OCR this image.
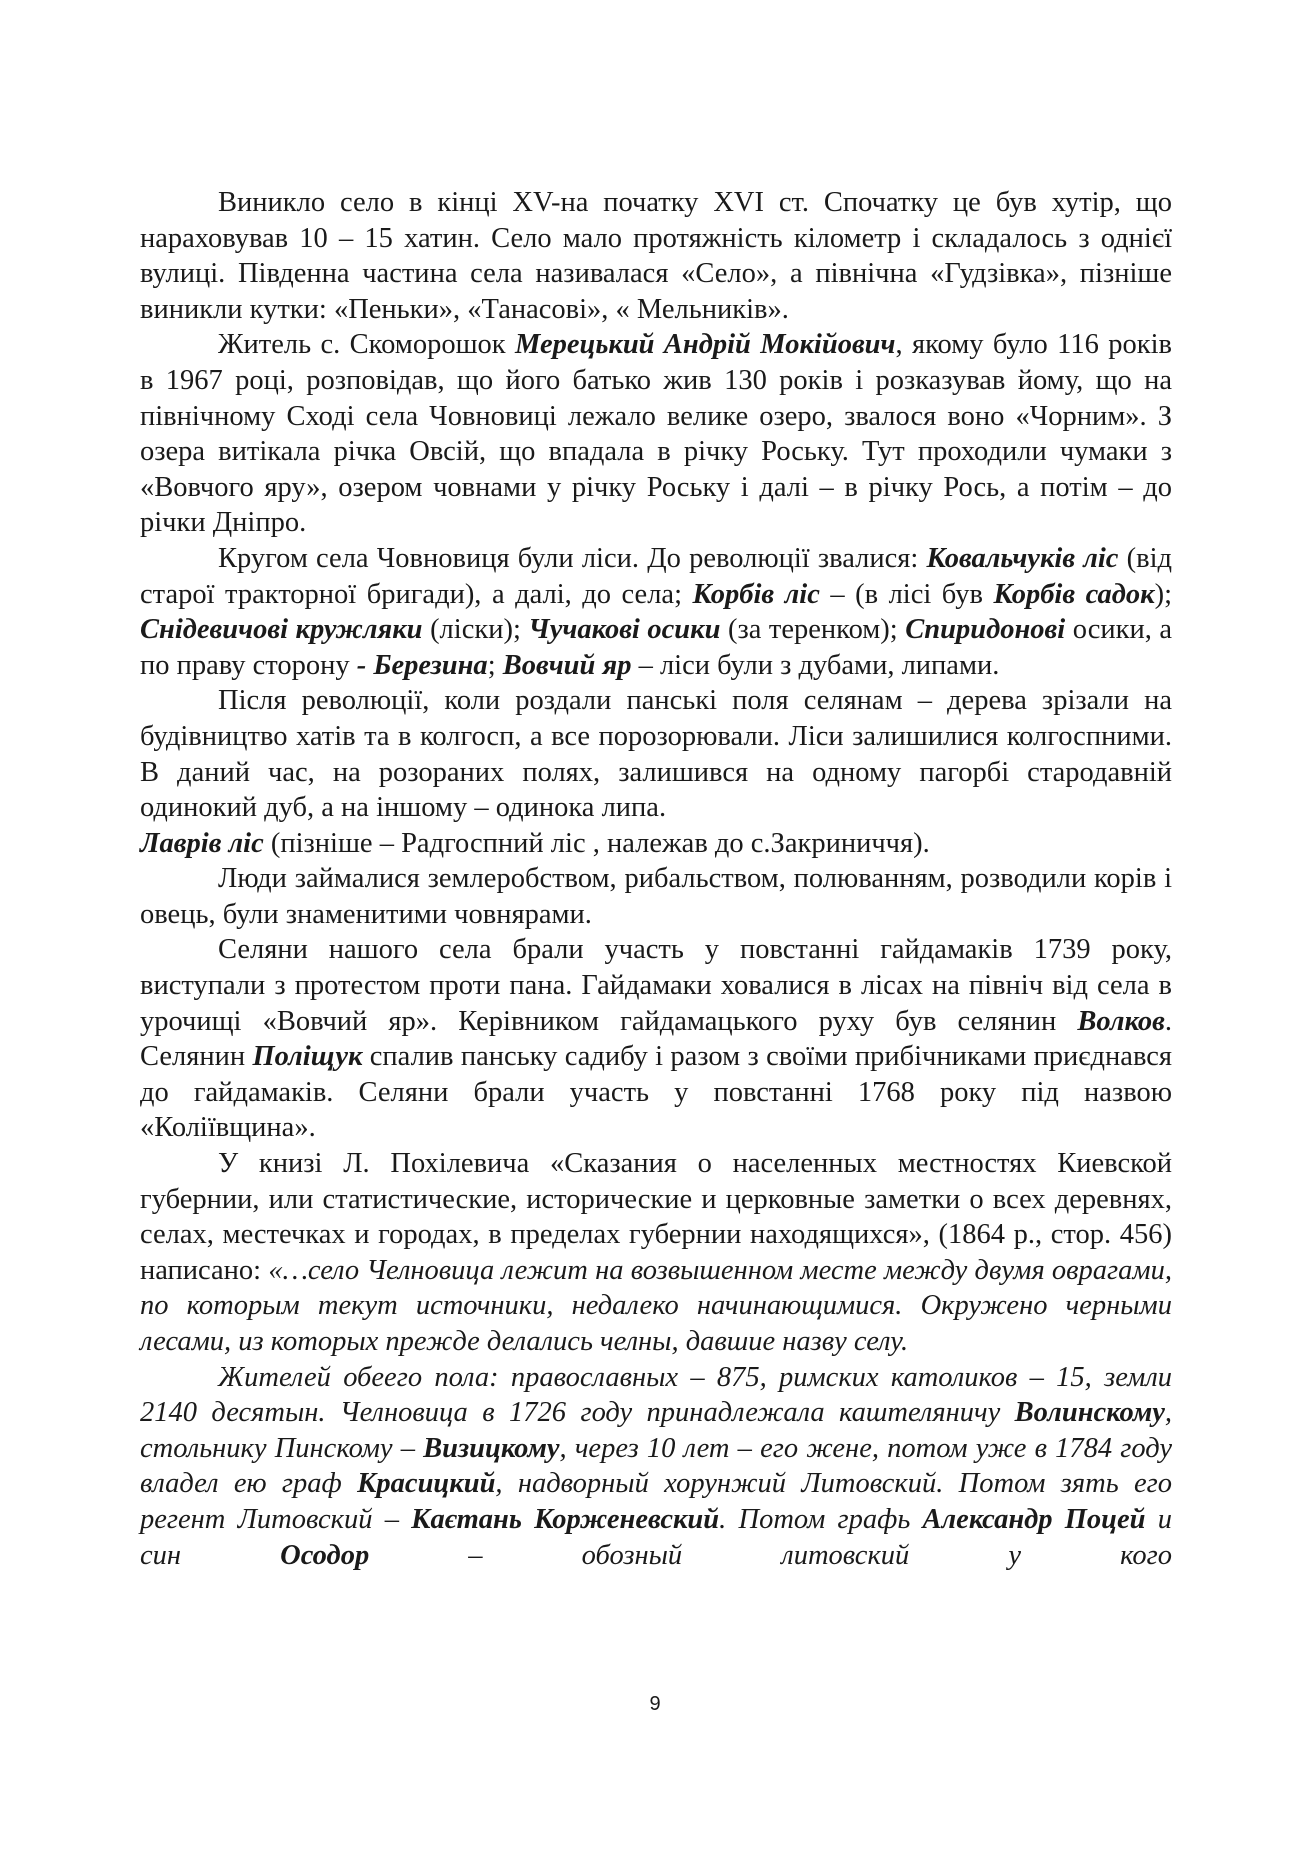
Виникло село в кінці XV-на початку XVI ст. Спочатку це був хутір, що нараховував 10 – 15 хатин. Село мало протяжність кілометр і складалось з однієї вулиці. Південна частина села називалася «Село», а північна «Гудзівка», пізніше виникли кутки: «Пеньки», «Танасові», « Мельників».

Житель с. Скоморошок Мерецький Андрій Мокійович, якому було 116 років в 1967 році, розповідав, що його батько жив 130 років і розказував йому, що на північному Сході села Човновиці лежало велике озеро, звалося воно «Чорним». З озера витікала річка Овсій, що впадала в річку Роську. Тут проходили чумаки з «Вовчого яру», озером човнами у річку Роську і далі – в річку Рось, а потім – до річки Дніпро.

Кругом села Човновиця були ліси. До революції звалися: Ковальчуків ліс (від старої тракторної бригади), а далі, до села; Корбів ліс – (в лісі був Корбів садок); Снідевичові кружляки (ліски); Чучакові осики (за теренком); Спиридонові осики, а по праву сторону - Березина; Вовчий яр – ліси були з дубами, липами.

Після революції, коли роздали панські поля селянам – дерева зрізали на будівництво хатів та в колгосп, а все порозорювали. Ліси залишилися колгоспними. В даний час, на розораних полях, залишився на одному пагорбі стародавній одинокий дуб, а на іншому – одинока липа.

Лаврів ліс (пізніше – Радгоспний ліс , належав до с.Закриниччя).

Люди займалися землеробством, рибальством, полюванням, розводили корів і овець, були знаменитими човнярами.

Селяни нашого села брали участь у повстанні гайдамаків 1739 року, виступали з протестом проти пана. Гайдамаки ховалися в лісах на північ від села в урочищі «Вовчий яр». Керівником гайдамацького руху був селянин Волков. Селянин Поліщук спалив панську садибу і разом з своїми прибічниками приєднався до гайдамаків. Селяни брали участь у повстанні 1768 року під назвою «Коліївщина».

У книзі Л. Похілевича «Сказания о населенных местностях Киевской губернии, или статистические, исторические и церковные заметки о всех деревнях, селах, местечках и городах, в пределах губернии находящихся», (1864 р., стор. 456) написано: «…село Челновица лежит на возвышенном месте между двумя оврагами, по которым текут источники, недалеко начинающимися. Окружено черными лесами, из которых прежде делались челны, давшие назву селу.

Жителей обеего пола: православных – 875, римских католиков – 15, земли 2140 десятын. Челновица в 1726 году принадлежала каштеляничу Волинскому, стольнику Пинскому – Визицкому, через 10 лет – его жене, потом уже в 1784 году владел ею граф Красицкий, надворный хорунжий Литовский. Потом зять его регент Литовский – Каєтань Корженевский. Потом графь Александр Поцей и син Осодор – обозный литовский у кого

9
